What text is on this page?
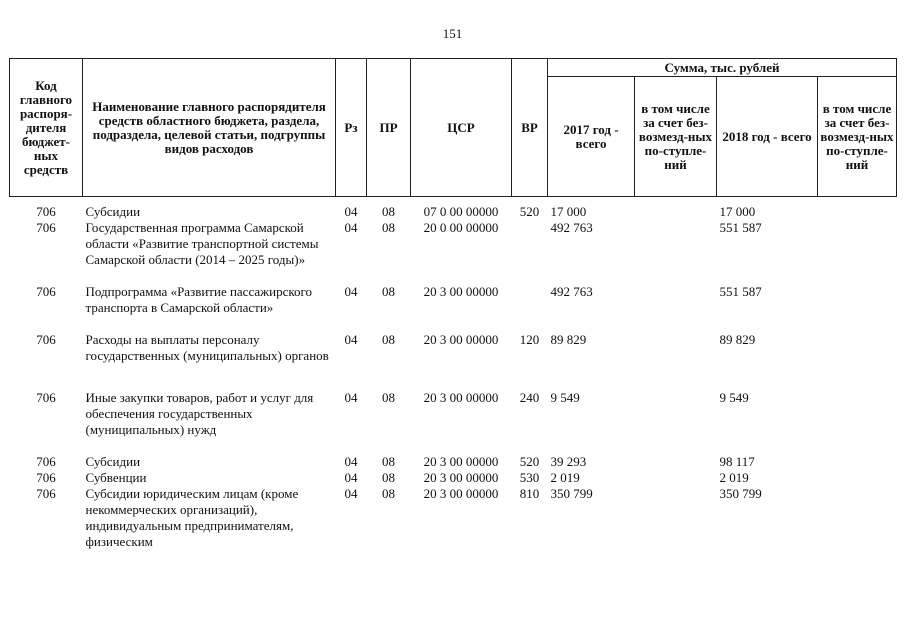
151
Код главного распоря-дителя бюджет-ных средств	Наименование главного распорядителя средств областного бюджета, раздела, подраздела, целевой статьи, подгруппы видов расходов	Рз	ПР	ЦСР	ВР	Сумма, тыс. рублей			
						2017 год - всего	в том числе за счет без-возмезд-ных по-ступле-ний	2018 год - всего	в том числе за счет без-возмезд-ных по-ступле-ний

706	Субсидии	04	08	07 0 00 00000	520	17 000		17 000	
706	Государственная программа Самарской области «Развитие транспортной системы Самарской области (2014 – 2025 годы)»	04	08	20 0 00 00000		492 763		551 587	
706	Подпрограмма «Развитие пассажирского транспорта в Самарской области»	04	08	20 3 00 00000		492 763		551 587	
706	Расходы на выплаты персоналу государственных (муниципальных) органов	04	08	20 3 00 00000	120	89 829		89 829	
706	Иные закупки товаров, работ и услуг для обеспечения государственных (муниципальных) нужд	04	08	20 3 00 00000	240	9 549		9 549	
706	Субсидии	04	08	20 3 00 00000	520	39 293		98 117	
706	Субвенции	04	08	20 3 00 00000	530	2 019		2 019	
706	Субсидии юридическим лицам (кроме некоммерческих организаций), индивидуальным предпринимателям, физическим	04	08	20 3 00 00000	810	350 799		350 799	
